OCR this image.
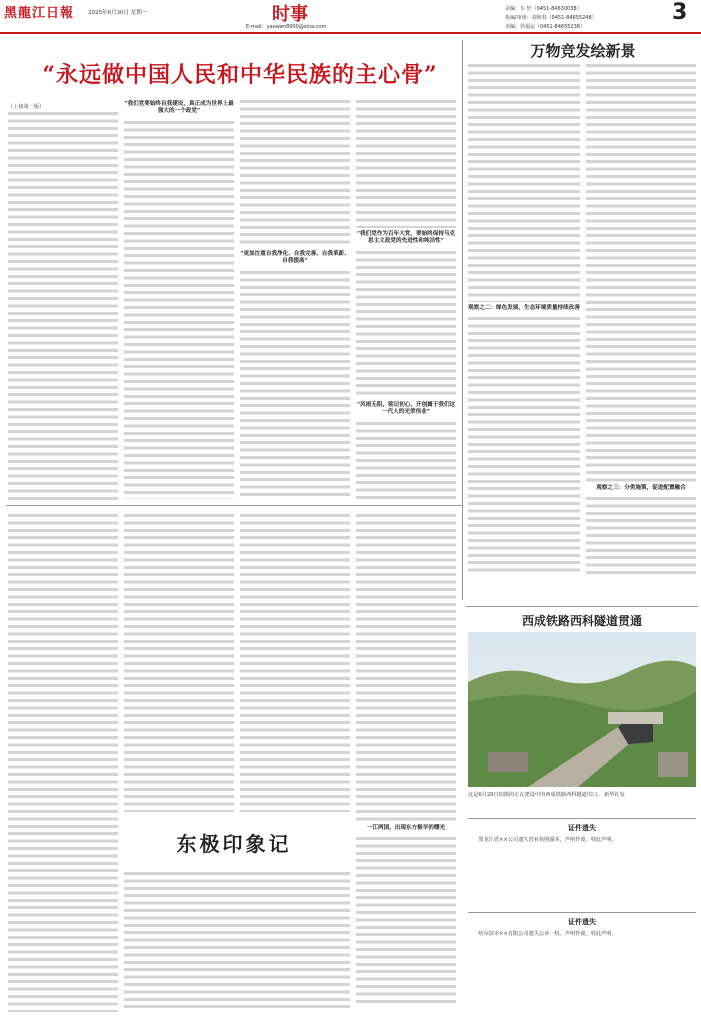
黑龍江日報	2025年6月30日 星期一	时事
E-mail：yaowen8900@sina.com
美编：车 轩（0451-84630038）
执编/审读：刘和春（0451-84655248）
美编：侯福运（0451-84655238）
3
“永远做中国人民和中华民族的主心骨”
（上接第一版）	“我们党要始终自我建设，真正成为世界上最强大的一个政党”
“更加注重自我净化、自我完善、自我革新、自我提高”
“我们党作为百年大党，要始终保持马克思主义政党的先进性和纯洁性”
“风雨无阻，铭记初心，开创属于我们这一代人的光荣伟业”
万物竞发绘新景
观察之二：绿色发展，生态环境质量持续改善
观察之三：分类施策，促进配置融合
西成铁路西科隧道贯通
这是6月29日拍摄的正在建设中的西成铁路西科隧道出口。 新华社发
东极印象记
一江两国，出现东方极早的曙光	证件遗失
黑龙江省××公司遗失营业执照副本，声明作废。特此声明。
证件遗失
哈尔滨市××有限公司遗失公章一枚，声明作废。特此声明。
